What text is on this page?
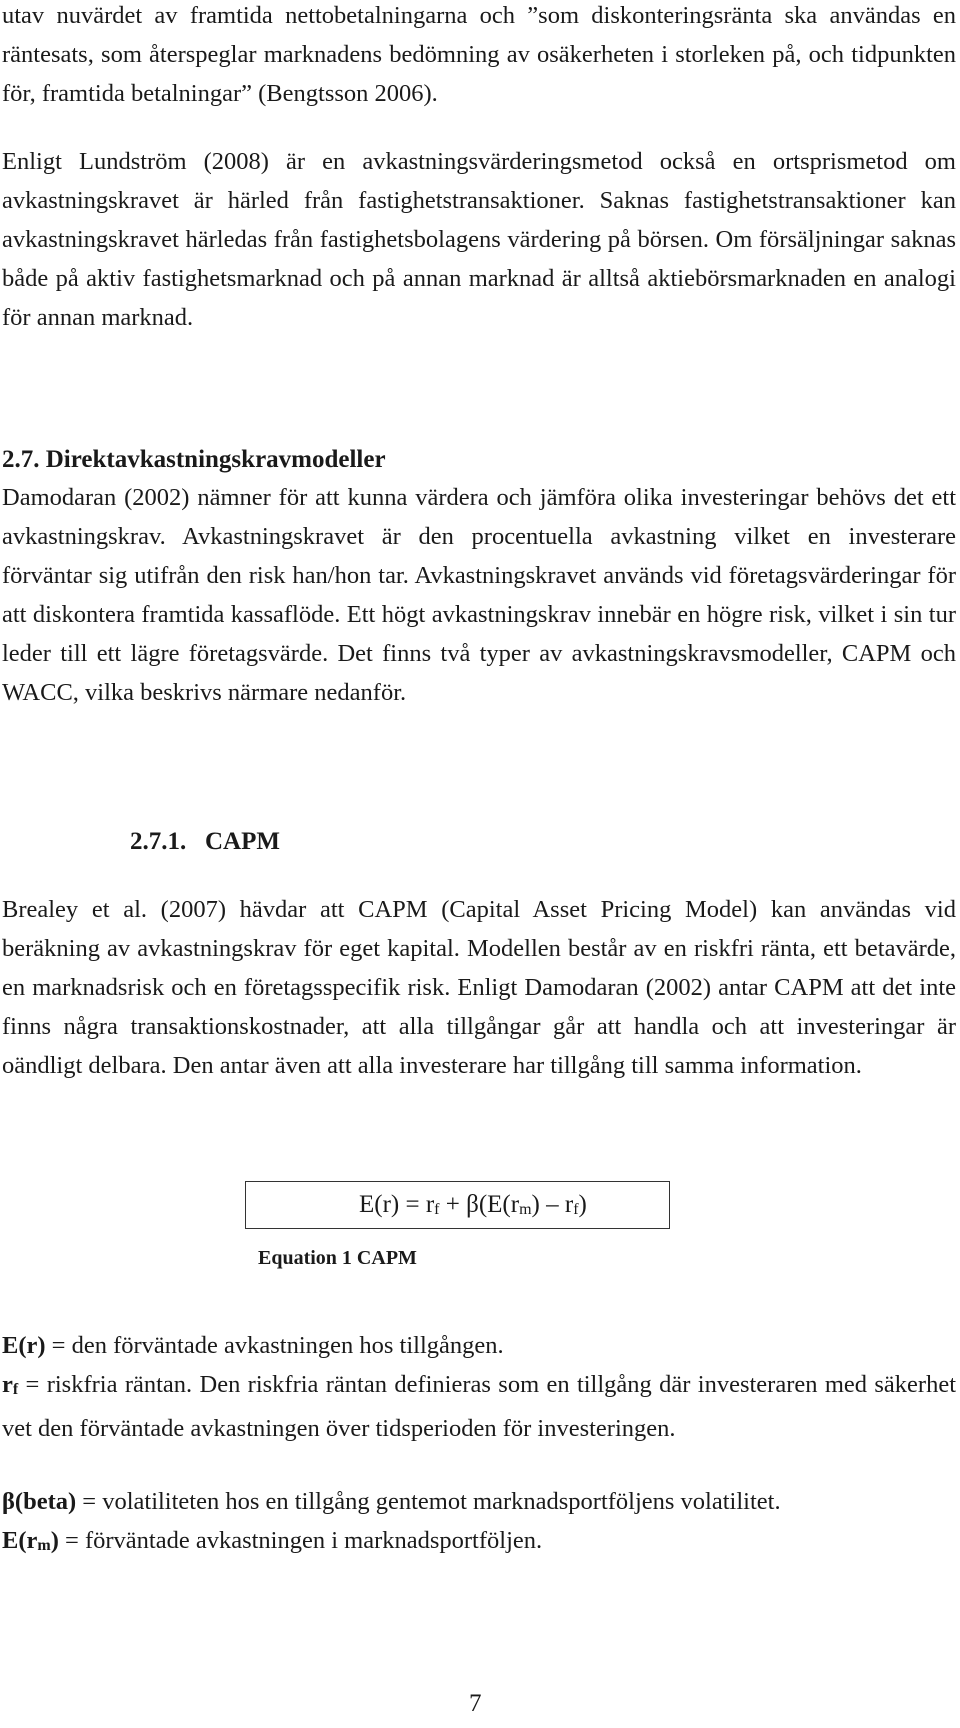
utav nuvärdet av framtida nettobetalningarna och ”som diskonteringsränta ska användas en räntesats, som återspeglar marknadens bedömning av osäkerheten i storleken på, och tidpunkten för, framtida betalningar” (Bengtsson 2006).

Enligt Lundström (2008) är en avkastningsvärderingsmetod också en ortsprismetod om avkastningskravet är härled från fastighetstransaktioner. Saknas fastighetstransaktioner kan avkastningskravet härledas från fastighetsbolagens värdering på börsen. Om försäljningar saknas både på aktiv fastighetsmarknad och på annan marknad är alltså aktiebörsmarknaden en analogi för annan marknad.

2.7. Direktavkastningskravmodeller

Damodaran (2002) nämner för att kunna värdera och jämföra olika investeringar behövs det ett avkastningskrav. Avkastningskravet är den procentuella avkastning vilket en investerare förväntar sig utifrån den risk han/hon tar. Avkastningskravet används vid företagsvärderingar för att diskontera framtida kassaflöde. Ett högt avkastningskrav innebär en högre risk, vilket i sin tur leder till ett lägre företagsvärde. Det finns två typer av avkastningskravsmodeller, CAPM och WACC, vilka beskrivs närmare nedanför.

2.7.1. CAPM

Brealey et al. (2007) hävdar att CAPM (Capital Asset Pricing Model) kan användas vid beräkning av avkastningskrav för eget kapital. Modellen består av en riskfri ränta, ett betavärde, en marknadsrisk och en företagsspecifik risk. Enligt Damodaran (2002) antar CAPM att det inte finns några transaktionskostnader, att alla tillgångar går att handla och att investeringar är oändligt delbara. Den antar även att alla investerare har tillgång till samma information.

$E(r) = r_f + \beta(E(r_m) - r_f)$

Equation 1 CAPM

E(r) = den förväntade avkastningen hos tillgången.

$r_f$ = riskfria räntan. Den riskfria räntan definieras som en tillgång där investeraren med säkerhet vet den förväntade avkastningen över tidsperioden för investeringen.

β(beta) = volatiliteten hos en tillgång gentemot marknadsportföljens volatilitet.

$E(r_m)$ = förväntade avkastningen i marknadsportföljen.

7
